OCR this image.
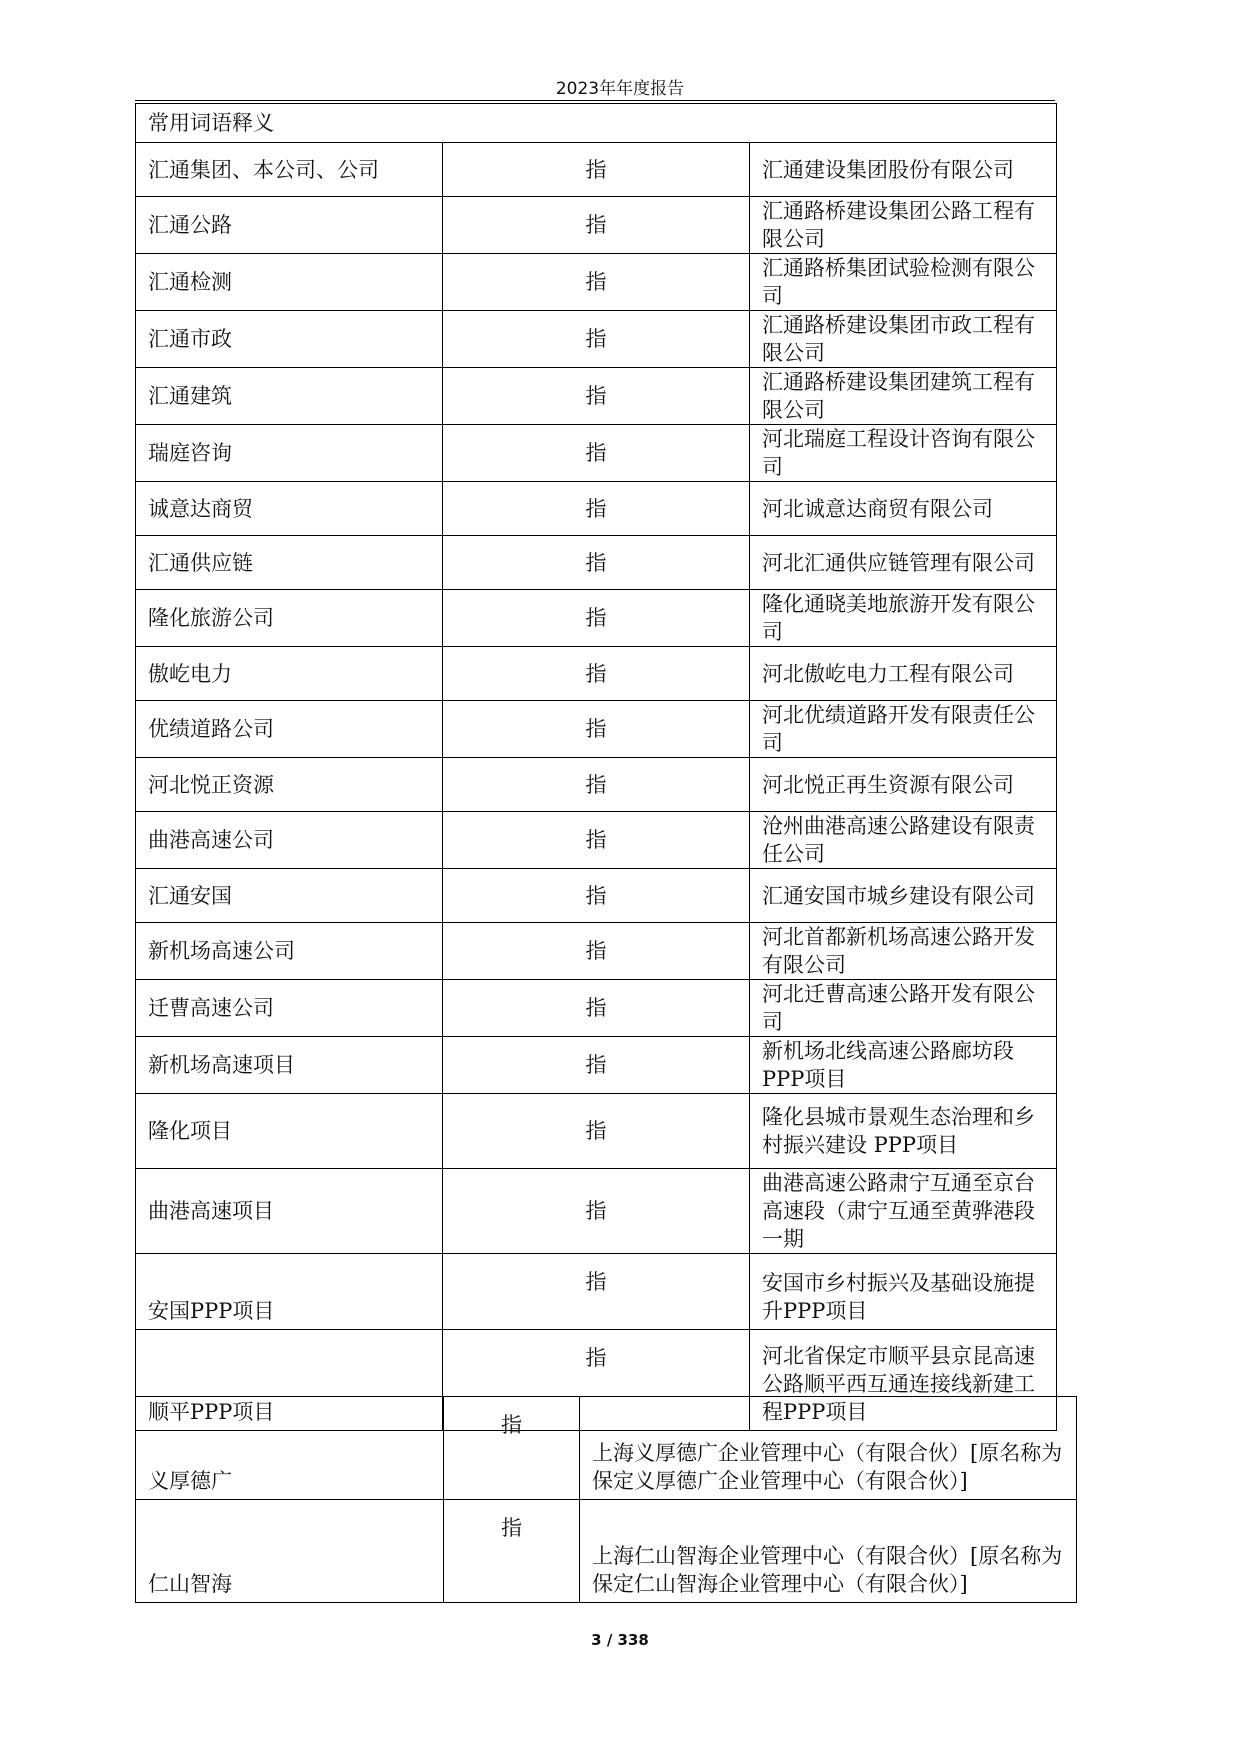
2023年年度报告
常用词语释义		
汇通集团、本公司、公司	指	汇通建设集团股份有限公司
汇通公路	指	汇通路桥建设集团公路工程有限公司
汇通检测	指	汇通路桥集团试验检测有限公司
汇通市政	指	汇通路桥建设集团市政工程有限公司
汇通建筑	指	汇通路桥建设集团建筑工程有限公司
瑞庭咨询	指	河北瑞庭工程设计咨询有限公司
诚意达商贸	指	河北诚意达商贸有限公司
汇通供应链	指	河北汇通供应链管理有限公司
隆化旅游公司	指	隆化通晓美地旅游开发有限公司
傲屹电力	指	河北傲屹电力工程有限公司
优绩道路公司	指	河北优绩道路开发有限责任公司
河北悦正资源	指	河北悦正再生资源有限公司
曲港高速公司	指	沧州曲港高速公路建设有限责任公司
汇通安国	指	汇通安国市城乡建设有限公司
新机场高速公司	指	河北首都新机场高速公路开发有限公司
迁曹高速公司	指	河北迁曹高速公路开发有限公司
新机场高速项目	指	新机场北线高速公路廊坊段PPP项目
隆化项目	指	隆化县城市景观生态治理和乡村振兴建设 PPP项目
曲港高速项目	指	曲港高速公路肃宁互通至京台高速段（肃宁互通至黄骅港段一期
安国PPP项目	指	安国市乡村振兴及基础设施提升PPP项目
顺平PPP项目	指	河北省保定市顺平县京昆高速公路顺平西互通连接线新建工程PPP项目
义厚德广	指	上海义厚德广企业管理中心（有限合伙）[原名称为保定义厚德广企业管理中心（有限合伙）]
仁山智海	指	上海仁山智海企业管理中心（有限合伙）[原名称为保定仁山智海企业管理中心（有限合伙）]
3 / 338
